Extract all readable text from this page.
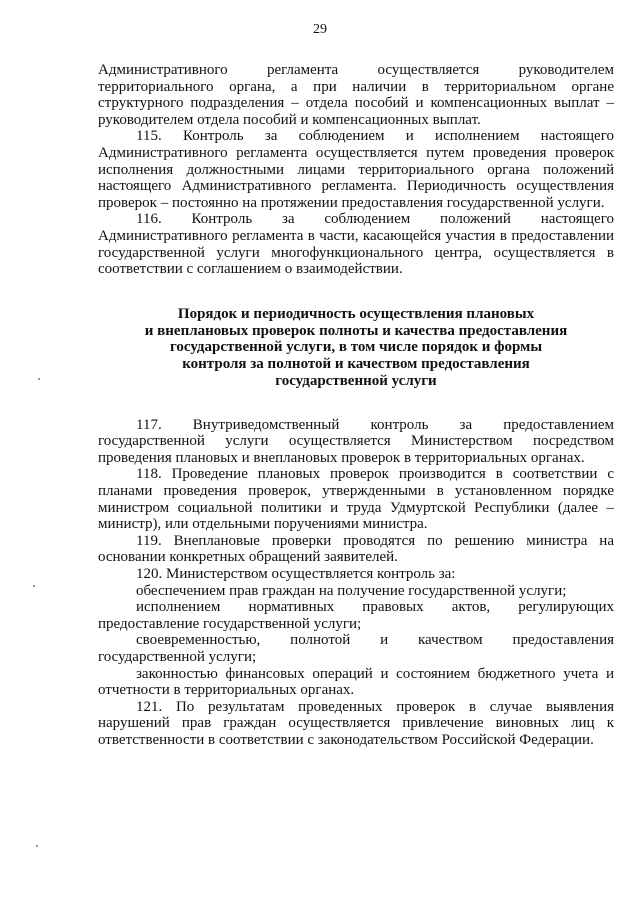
29

Административного регламента осуществляется руководителем территориального органа, а при наличии в территориальном органе структурного подразделения – отдела пособий и компенсационных выплат – руководителем отдела пособий и компенсационных выплат.

115. Контроль за соблюдением и исполнением настоящего Административного регламента осуществляется путем проведения проверок исполнения должностными лицами территориального органа положений настоящего Административного регламента. Периодичность осуществления проверок – постоянно на протяжении предоставления государственной услуги.

116. Контроль за соблюдением положений настоящего Административного регламента в части, касающейся участия в предоставлении государственной услуги многофункционального центра, осуществляется в соответствии с соглашением о взаимодействии.

Порядок и периодичность осуществления плановых
и внеплановых проверок полноты и качества предоставления
государственной услуги, в том числе порядок и формы
контроля за полнотой и качеством предоставления
государственной услуги

117. Внутриведомственный контроль за предоставлением государственной услуги осуществляется Министерством посредством проведения плановых и внеплановых проверок в территориальных органах.

118. Проведение плановых проверок производится в соответствии с планами проведения проверок, утвержденными в установленном порядке министром социальной политики и труда Удмуртской Республики (далее – министр), или отдельными поручениями министра.

119. Внеплановые проверки проводятся по решению министра на основании конкретных обращений заявителей.

120. Министерством осуществляется контроль за:

обеспечением прав граждан на получение государственной услуги;

исполнением нормативных правовых актов, регулирующих предоставление государственной услуги;

своевременностью, полнотой и качеством предоставления государственной услуги;

законностью финансовых операций и состоянием бюджетного учета и отчетности в территориальных органах.

121. По результатам проведенных проверок в случае выявления нарушений прав граждан осуществляется привлечение виновных лиц к ответственности в соответствии с законодательством Российской Федерации.
